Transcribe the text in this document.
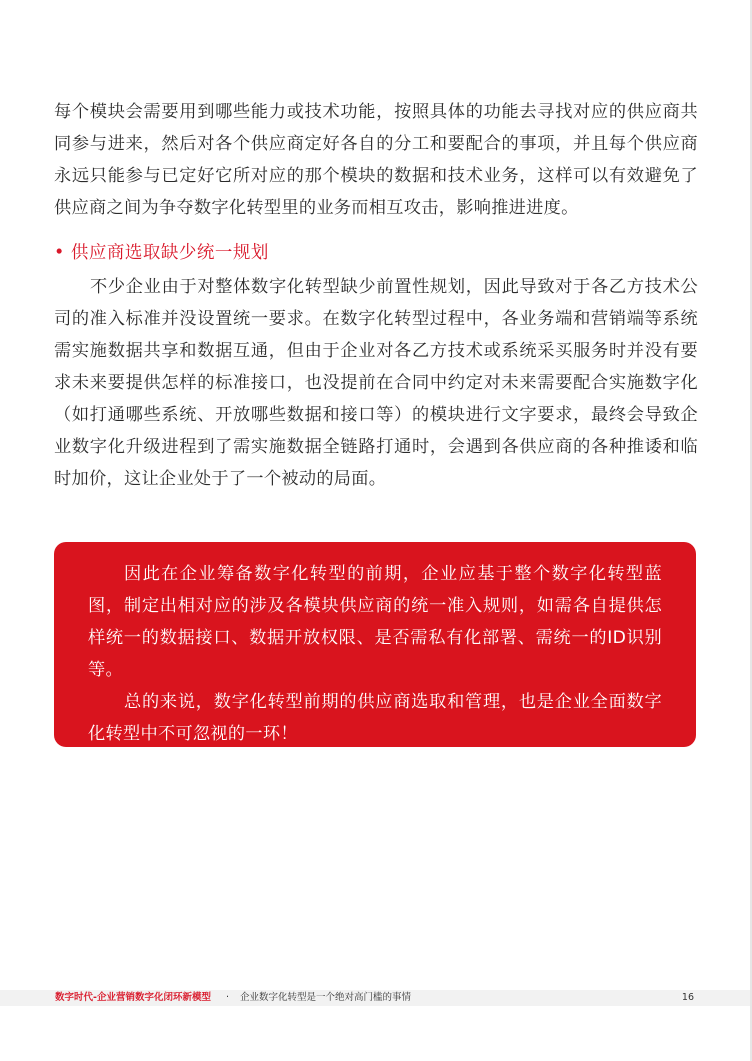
每个模块会需要用到哪些能力或技术功能，按照具体的功能去寻找对应的供应商共同参与进来，然后对各个供应商定好各自的分工和要配合的事项，并且每个供应商永远只能参与已定好它所对应的那个模块的数据和技术业务，这样可以有效避免了供应商之间为争夺数字化转型里的业务而相互攻击，影响推进进度。

• 供应商选取缺少统一规划

不少企业由于对整体数字化转型缺少前置性规划，因此导致对于各乙方技术公司的准入标准并没设置统一要求。在数字化转型过程中，各业务端和营销端等系统需实施数据共享和数据互通，但由于企业对各乙方技术或系统采买服务时并没有要求未来要提供怎样的标准接口，也没提前在合同中约定对未来需要配合实施数字化（如打通哪些系统、开放哪些数据和接口等）的模块进行文字要求，最终会导致企业数字化升级进程到了需实施数据全链路打通时，会遇到各供应商的各种推诿和临时加价，这让企业处于了一个被动的局面。

因此在企业筹备数字化转型的前期，企业应基于整个数字化转型蓝图，制定出相对应的涉及各模块供应商的统一准入规则，如需各自提供怎样统一的数据接口、数据开放权限、是否需私有化部署、需统一的ID识别等。

总的来说，数字化转型前期的供应商选取和管理，也是企业全面数字化转型中不可忽视的一环！

数字时代-企业营销数字化闭环新模型 · 企业数字化转型是一个绝对高门槛的事情	16
